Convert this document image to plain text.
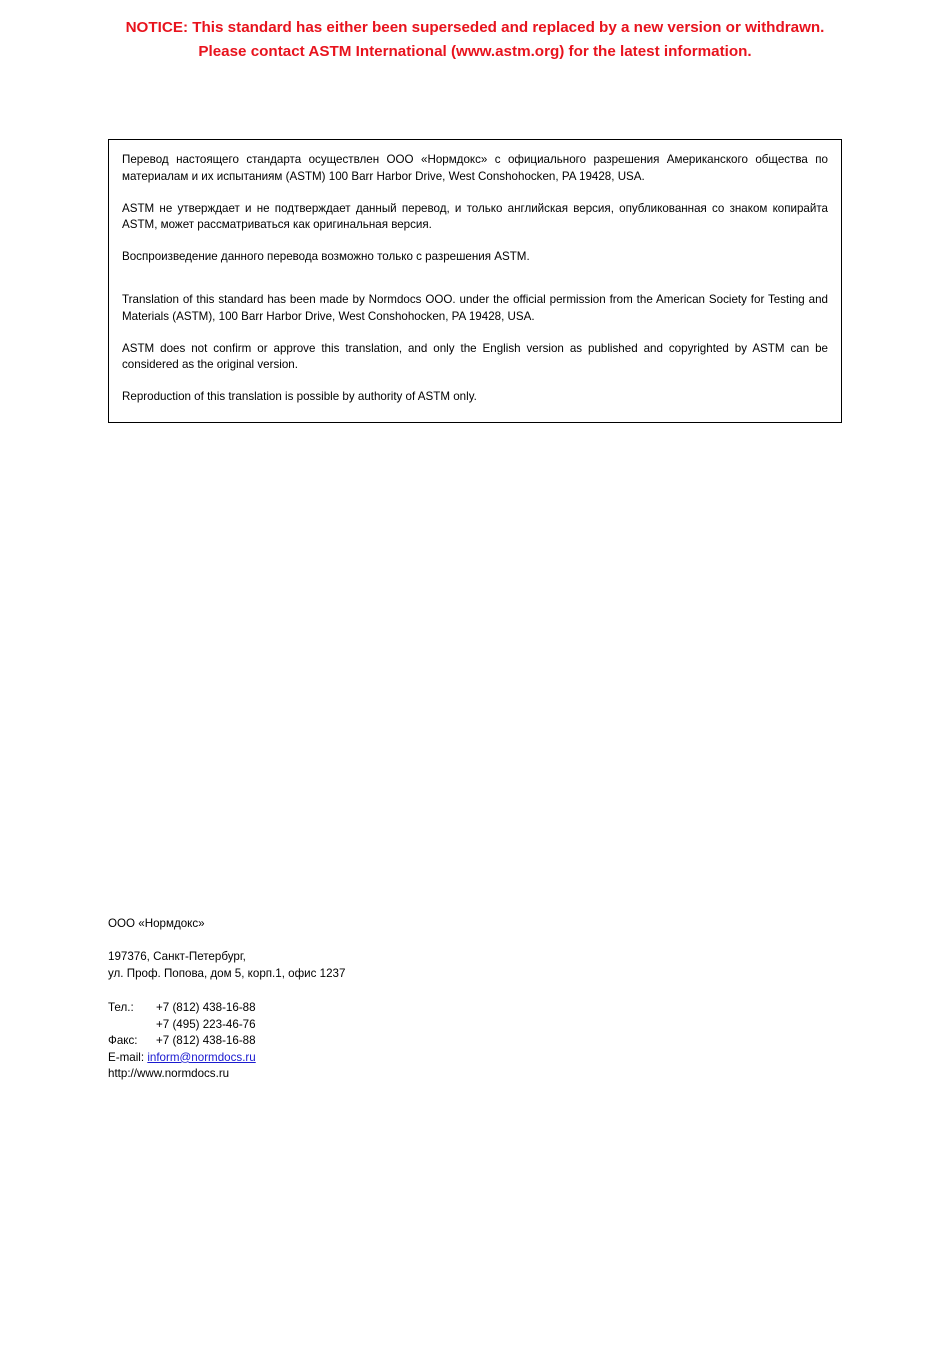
NOTICE: This standard has either been superseded and replaced by a new version or withdrawn.
Please contact ASTM International (www.astm.org) for the latest information.

Перевод настоящего стандарта осуществлен ООО «Нормдокс» с официального разрешения Американского общества по материалам и их испытаниям (ASTM) 100 Barr Harbor Drive, West Conshohocken, PA 19428, USA.

ASTM не утверждает и не подтверждает данный перевод, и только английская версия, опубликованная со знаком копирайта ASTM, может рассматриваться как оригинальная версия.

Воспроизведение данного перевода возможно только с разрешения ASTM.

Translation of this standard has been made by Normdocs OOO. under the official permission from the American Society for Testing and Materials (ASTM), 100 Barr Harbor Drive, West Conshohocken, PA 19428, USA.

ASTM does not confirm or approve this translation, and only the English version as published and copyrighted by ASTM can be considered as the original version.

Reproduction of this translation is possible by authority of ASTM only.

ООО «Нормдокс»
197376, Санкт-Петербург,
ул. Проф. Попова, дом 5, корп.1, офис 1237
Тел.:	+7 (812) 438-16-88
+7 (495) 223-46-76
Факс:	+7 (812) 438-16-88
E-mail: inform@normdocs.ru
http://www.normdocs.ru
